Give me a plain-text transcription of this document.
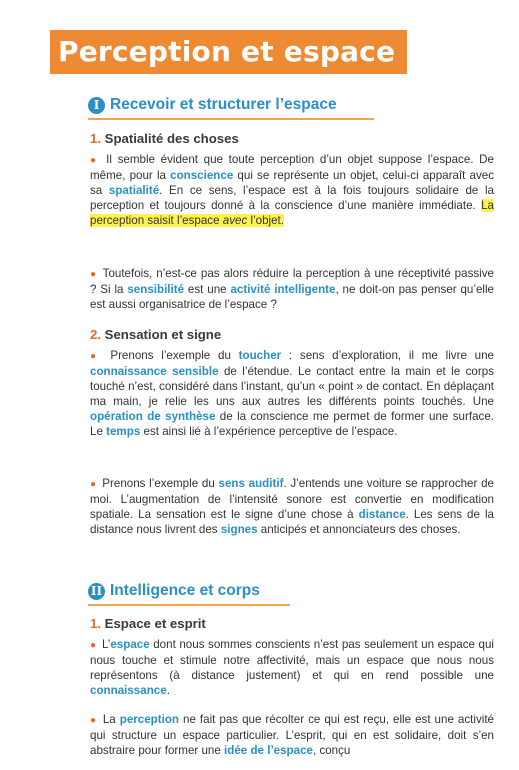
Perception et espace
I Recevoir et structurer l’espace
1. Spatialité des choses
● Il semble évident que toute perception d’un objet suppose l’espace. De même, pour la conscience qui se représente un objet, celui-ci apparaît avec sa spatialité. En ce sens, l’espace est à la fois toujours solidaire de la perception et toujours donné à la conscience d’une manière immédiate. La perception saisit l’espace avec l’objet.
● Toutefois, n’est-ce pas alors réduire la perception à une réceptivité passive ? Si la sensibilité est une activité intelligente, ne doit-on pas penser qu’elle est aussi organisatrice de l’espace ?
2. Sensation et signe
● Prenons l’exemple du toucher : sens d’exploration, il me livre une connaissance sensible de l’étendue. Le contact entre la main et le corps touché n’est, considéré dans l’instant, qu’un « point » de contact. En déplaçant ma main, je relie les uns aux autres les différents points touchés. Une opération de synthèse de la conscience me permet de former une surface. Le temps est ainsi lié à l’expérience perceptive de l’espace.
● Prenons l’exemple du sens auditif. J’entends une voiture se rapprocher de moi. L’augmentation de l’intensité sonore est convertie en modification spatiale. La sensation est le signe d’une chose à distance. Les sens de la distance nous livrent des signes anticipés et annonciateurs des choses.
II Intelligence et corps
1. Espace et esprit
● L’espace dont nous sommes conscients n’est pas seulement un espace qui nous touche et stimule notre affectivité, mais un espace que nous nous représentons (à distance justement) et qui en rend possible une connaissance.
● La perception ne fait pas que récolter ce qui est reçu, elle est une activité qui structure un espace particulier. L’esprit, qui en est solidaire, doit s’en abstraire pour former une idée de l’espace, conçu
